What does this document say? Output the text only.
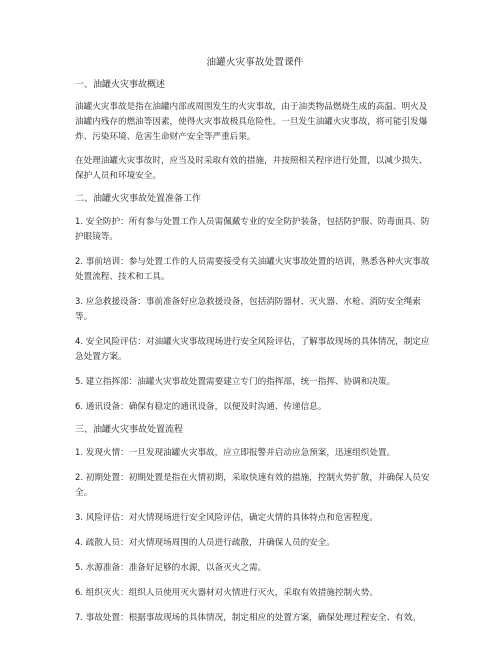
油罐火灾事故处置课件
一、油罐火灾事故概述
油罐火灾事故是指在油罐内部或周围发生的火灾事故，由于油类物品燃烧生成的高温、明火及油罐内残存的燃油等因素，使得火灾事故极具危险性。一旦发生油罐火灾事故，将可能引发爆炸、污染环境、危害生命财产安全等严重后果。
在处理油罐火灾事故时，应当及时采取有效的措施，并按照相关程序进行处置，以减少损失、保护人员和环境安全。
二、油罐火灾事故处置准备工作
1. 安全防护：所有参与处置工作人员需佩戴专业的安全防护装备，包括防护服、防毒面具、防护眼镜等。
2. 事前培训：参与处置工作的人员需要接受有关油罐火灾事故处置的培训，熟悉各种火灾事故处置流程、技术和工具。
3. 应急救援设备：事前准备好应急救援设备，包括消防器材、灭火器、水枪、消防安全绳索等。
4. 安全风险评估：对油罐火灾事故现场进行安全风险评估，了解事故现场的具体情况，制定应急处置方案。
5. 建立指挥部：油罐火灾事故处置需要建立专门的指挥部，统一指挥、协调和决策。
6. 通讯设备：确保有稳定的通讯设备，以便及时沟通、传递信息。
三、油罐火灾事故处置流程
1. 发现火情：一旦发现油罐火灾事故，应立即报警并启动应急预案，迅速组织处置。
2. 初期处置：初期处置是指在火情初期，采取快速有效的措施，控制火势扩散，并确保人员安全。
3. 风险评估：对火情现场进行安全风险评估，确定火情的具体特点和危害程度。
4. 疏散人员：对火情现场周围的人员进行疏散，并确保人员的安全。
5. 水源准备：准备好足够的水源，以备灭火之需。
6. 组织灭火：组织人员使用灭火器材对火情进行灭火，采取有效措施控制火势。
7. 事故处置：根据事故现场的具体情况，制定相应的处置方案，确保处理过程安全、有效。
